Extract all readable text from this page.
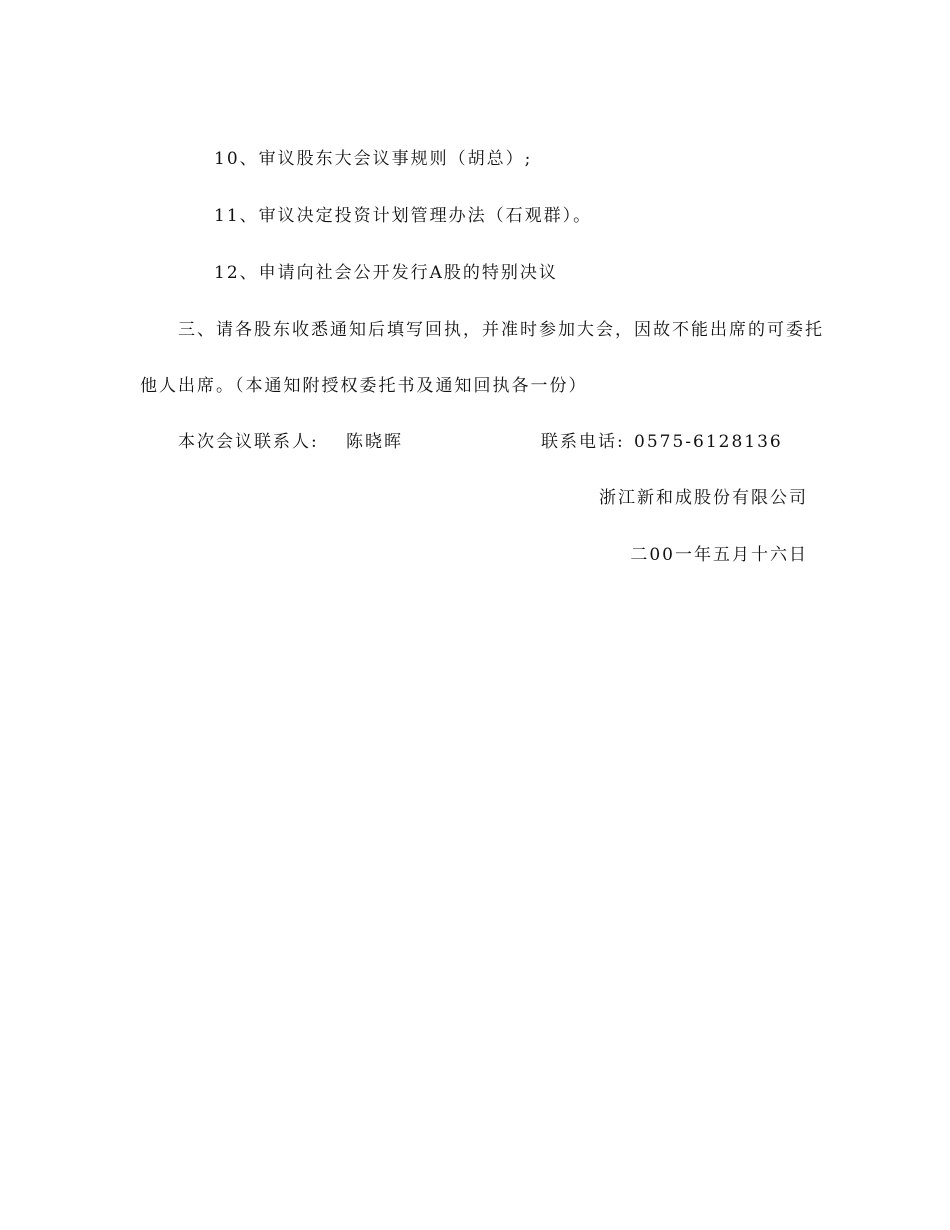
10、审议股东大会议事规则（胡总）;
11、审议决定投资计划管理办法（石观群）。
12、申请向社会公开发行A股的特别决议
三、请各股东收悉通知后填写回执，并准时参加大会，因故不能出席的可委托
他人出席。（本通知附授权委托书及通知回执各一份）
本次会议联系人: 陈晓晖	联系电话: 0575-6128136
浙江新和成股份有限公司
二00一年五月十六日
